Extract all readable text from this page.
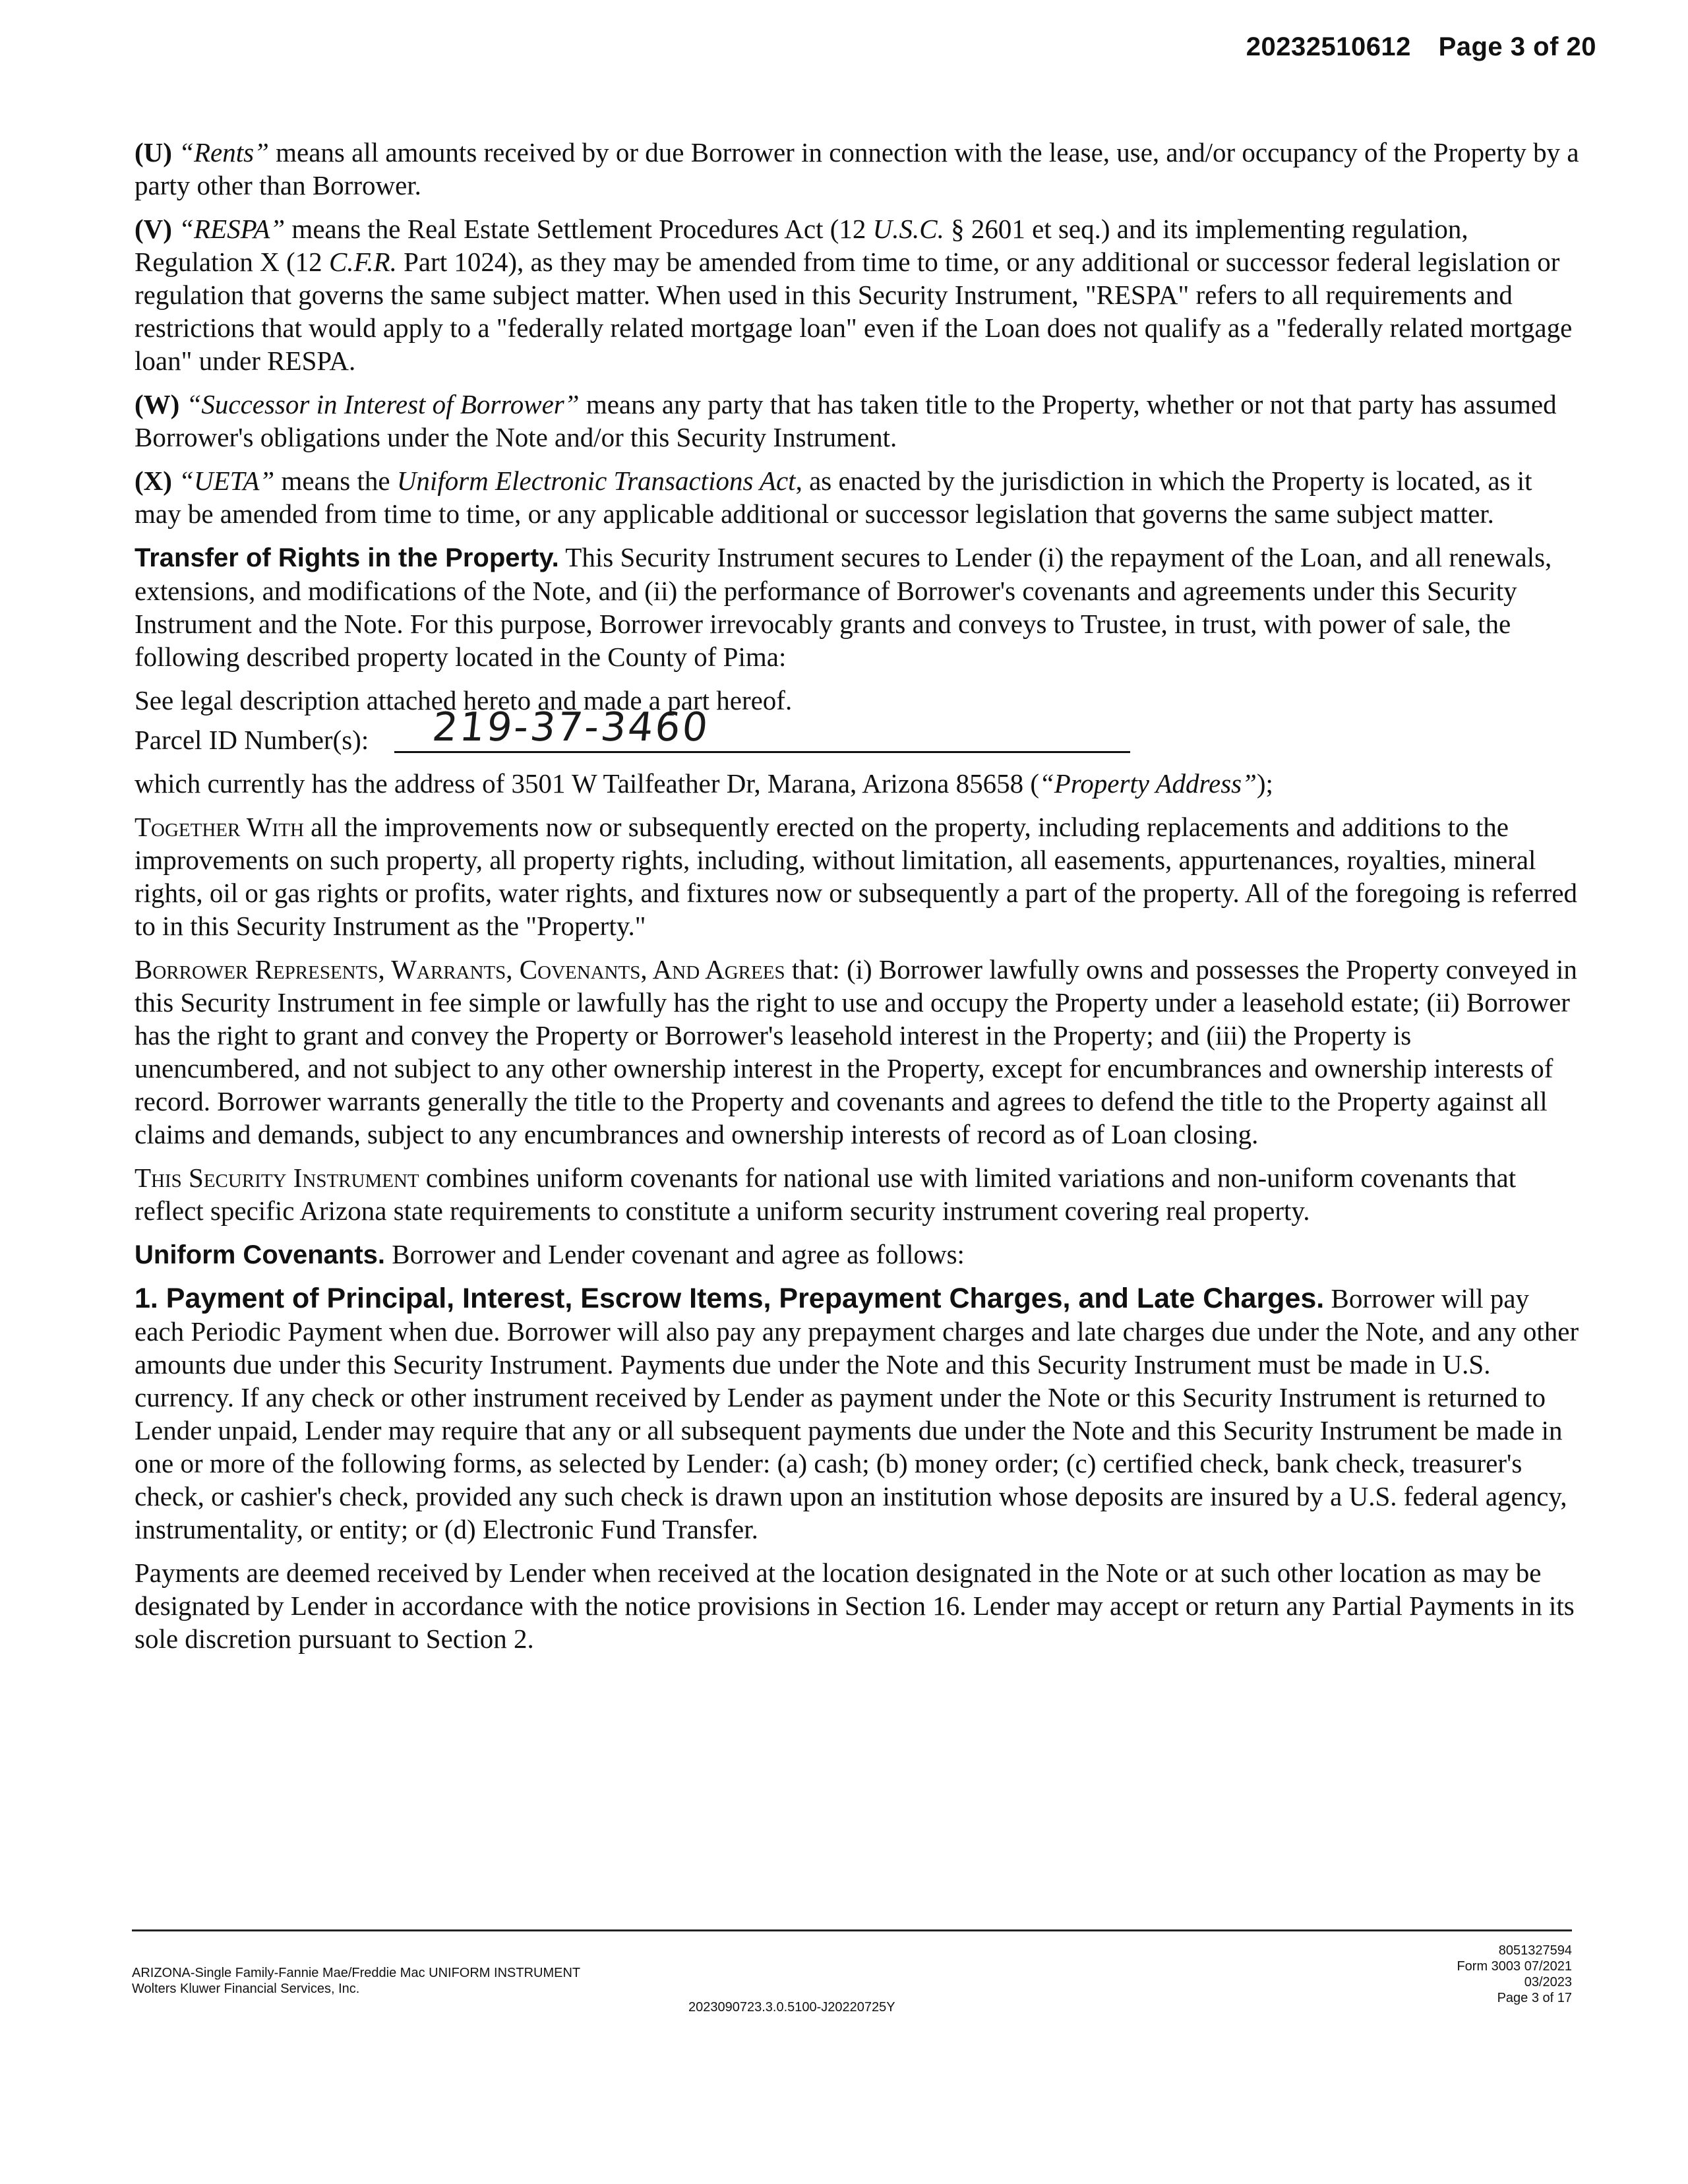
20232510612 Page 3 of 20

(U) “Rents” means all amounts received by or due Borrower in connection with the lease, use, and/or occupancy of the Property by a party other than Borrower.

(V) “RESPA” means the Real Estate Settlement Procedures Act (12 U.S.C. § 2601 et seq.) and its implementing regulation, Regulation X (12 C.F.R. Part 1024), as they may be amended from time to time, or any additional or successor federal legislation or regulation that governs the same subject matter. When used in this Security Instrument, "RESPA" refers to all requirements and restrictions that would apply to a "federally related mortgage loan" even if the Loan does not qualify as a "federally related mortgage loan" under RESPA.

(W) “Successor in Interest of Borrower” means any party that has taken title to the Property, whether or not that party has assumed Borrower's obligations under the Note and/or this Security Instrument.

(X) “UETA” means the Uniform Electronic Transactions Act, as enacted by the jurisdiction in which the Property is located, as it may be amended from time to time, or any applicable additional or successor legislation that governs the same subject matter.

Transfer of Rights in the Property. This Security Instrument secures to Lender (i) the repayment of the Loan, and all renewals, extensions, and modifications of the Note, and (ii) the performance of Borrower's covenants and agreements under this Security Instrument and the Note. For this purpose, Borrower irrevocably grants and conveys to Trustee, in trust, with power of sale, the following described property located in the County of Pima:

See legal description attached hereto and made a part hereof.

Parcel ID Number(s): 219-37-3460

which currently has the address of 3501 W Tailfeather Dr, Marana, Arizona 85658 (“Property Address”);

Together With all the improvements now or subsequently erected on the property, including replacements and additions to the improvements on such property, all property rights, including, without limitation, all easements, appurtenances, royalties, mineral rights, oil or gas rights or profits, water rights, and fixtures now or subsequently a part of the property. All of the foregoing is referred to in this Security Instrument as the "Property."

Borrower Represents, Warrants, Covenants, And Agrees that: (i) Borrower lawfully owns and possesses the Property conveyed in this Security Instrument in fee simple or lawfully has the right to use and occupy the Property under a leasehold estate; (ii) Borrower has the right to grant and convey the Property or Borrower's leasehold interest in the Property; and (iii) the Property is unencumbered, and not subject to any other ownership interest in the Property, except for encumbrances and ownership interests of record. Borrower warrants generally the title to the Property and covenants and agrees to defend the title to the Property against all claims and demands, subject to any encumbrances and ownership interests of record as of Loan closing.

This Security Instrument combines uniform covenants for national use with limited variations and non-uniform covenants that reflect specific Arizona state requirements to constitute a uniform security instrument covering real property.

Uniform Covenants. Borrower and Lender covenant and agree as follows:

1. Payment of Principal, Interest, Escrow Items, Prepayment Charges, and Late Charges. Borrower will pay each Periodic Payment when due. Borrower will also pay any prepayment charges and late charges due under the Note, and any other amounts due under this Security Instrument. Payments due under the Note and this Security Instrument must be made in U.S. currency. If any check or other instrument received by Lender as payment under the Note or this Security Instrument is returned to Lender unpaid, Lender may require that any or all subsequent payments due under the Note and this Security Instrument be made in one or more of the following forms, as selected by Lender: (a) cash; (b) money order; (c) certified check, bank check, treasurer's check, or cashier's check, provided any such check is drawn upon an institution whose deposits are insured by a U.S. federal agency, instrumentality, or entity; or (d) Electronic Fund Transfer.

Payments are deemed received by Lender when received at the location designated in the Note or at such other location as may be designated by Lender in accordance with the notice provisions in Section 16. Lender may accept or return any Partial Payments in its sole discretion pursuant to Section 2.

ARIZONA-Single Family-Fannie Mae/Freddie Mac UNIFORM INSTRUMENT
Wolters Kluwer Financial Services, Inc.
2023090723.3.0.5100-J20220725Y
8051327594
Form 3003 07/2021
03/2023
Page 3 of 17
